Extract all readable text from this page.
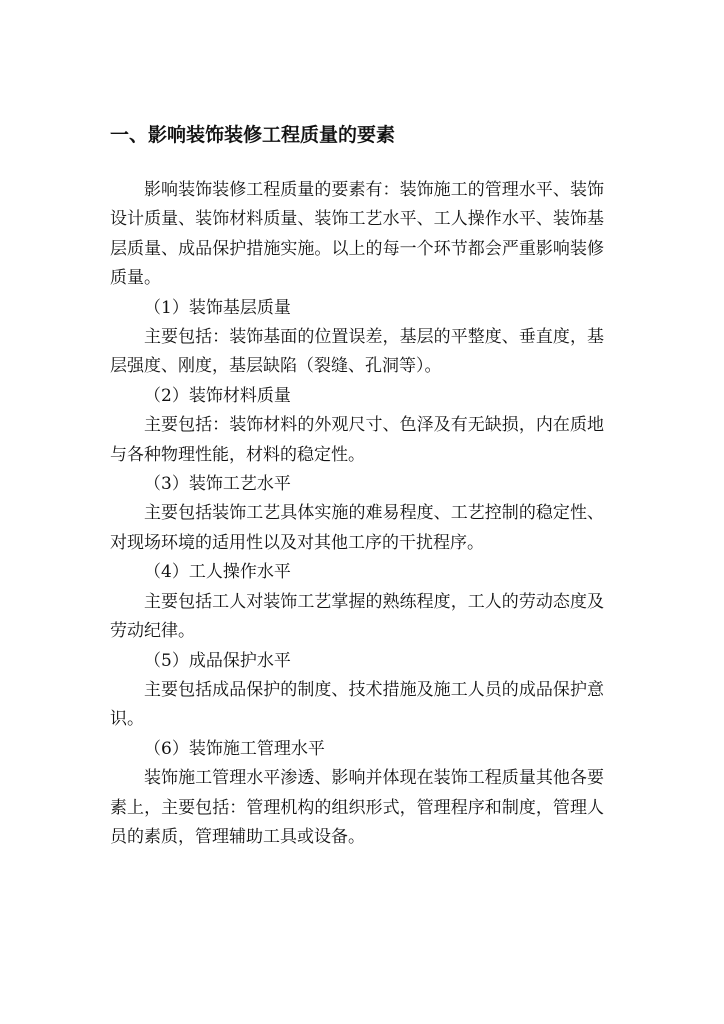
一、影响装饰装修工程质量的要素

影响装饰装修工程质量的要素有：装饰施工的管理水平、装饰设计质量、装饰材料质量、装饰工艺水平、工人操作水平、装饰基层质量、成品保护措施实施。以上的每一个环节都会严重影响装修质量。

（1）装饰基层质量

主要包括：装饰基面的位置误差，基层的平整度、垂直度，基层强度、刚度，基层缺陷（裂缝、孔洞等）。

（2）装饰材料质量

主要包括：装饰材料的外观尺寸、色泽及有无缺损，内在质地与各种物理性能，材料的稳定性。

（3）装饰工艺水平

主要包括装饰工艺具体实施的难易程度、工艺控制的稳定性、对现场环境的适用性以及对其他工序的干扰程序。

（4）工人操作水平

主要包括工人对装饰工艺掌握的熟练程度，工人的劳动态度及劳动纪律。

（5）成品保护水平

主要包括成品保护的制度、技术措施及施工人员的成品保护意识。

（6）装饰施工管理水平

装饰施工管理水平渗透、影响并体现在装饰工程质量其他各要素上，主要包括：管理机构的组织形式，管理程序和制度，管理人员的素质，管理辅助工具或设备。
